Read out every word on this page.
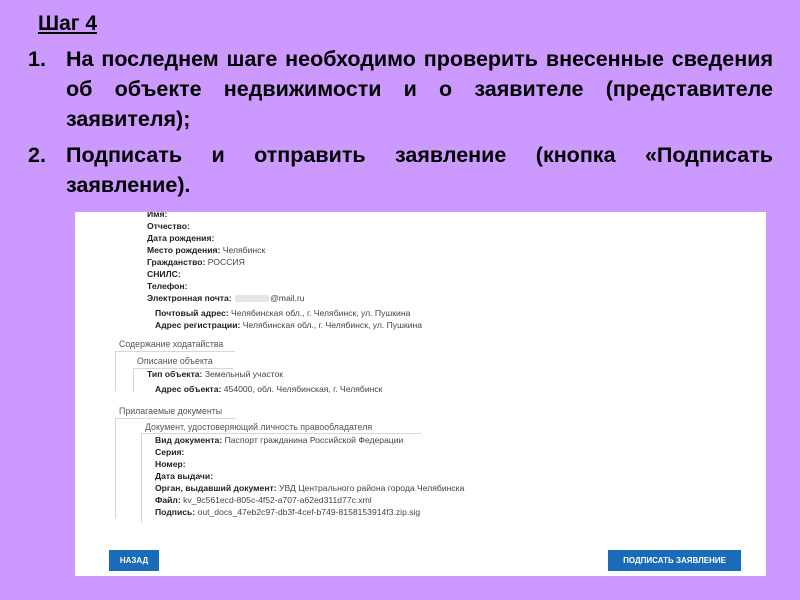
Шаг 4
1. На последнем шаге необходимо проверить внесенные сведения об объекте недвижимости и о заявителе (представителе заявителя);
2. Подписать и отправить заявление (кнопка «Подписать заявление).
Имя:
Отчество:
Дата рождения:
Место рождения: Челябинск
Гражданство: РОССИЯ
СНИЛС:
Телефон:
Электронная почта:	@mail.ru
Почтовый адрес: Челябинская обл., г. Челябинск, ул. Пушкина
Адрес регистрации: Челябинская обл., г. Челябинск, ул. Пушкина
Содержание ходатайства
Описание объекта
Тип объекта: Земельный участок
Адрес объекта: 454000, обл. Челябинская, г. Челябинск
Прилагаемые документы
Документ, удостоверяющий личность правообладателя
Вид документа: Паспорт гражданина Российской Федерации
Серия:
Номер:
Дата выдачи:
Орган, выдавший документ: УВД Центрального района города Челябинска
Файл: kv_9c561ecd-805c-4f52-a707-a62ed311d77c.xml
Подпись: out_docs_47eb2c97-db3f-4cef-b749-8158153914f3.zip.sig
НАЗАД	ПОДПИСАТЬ ЗАЯВЛЕНИЕ
